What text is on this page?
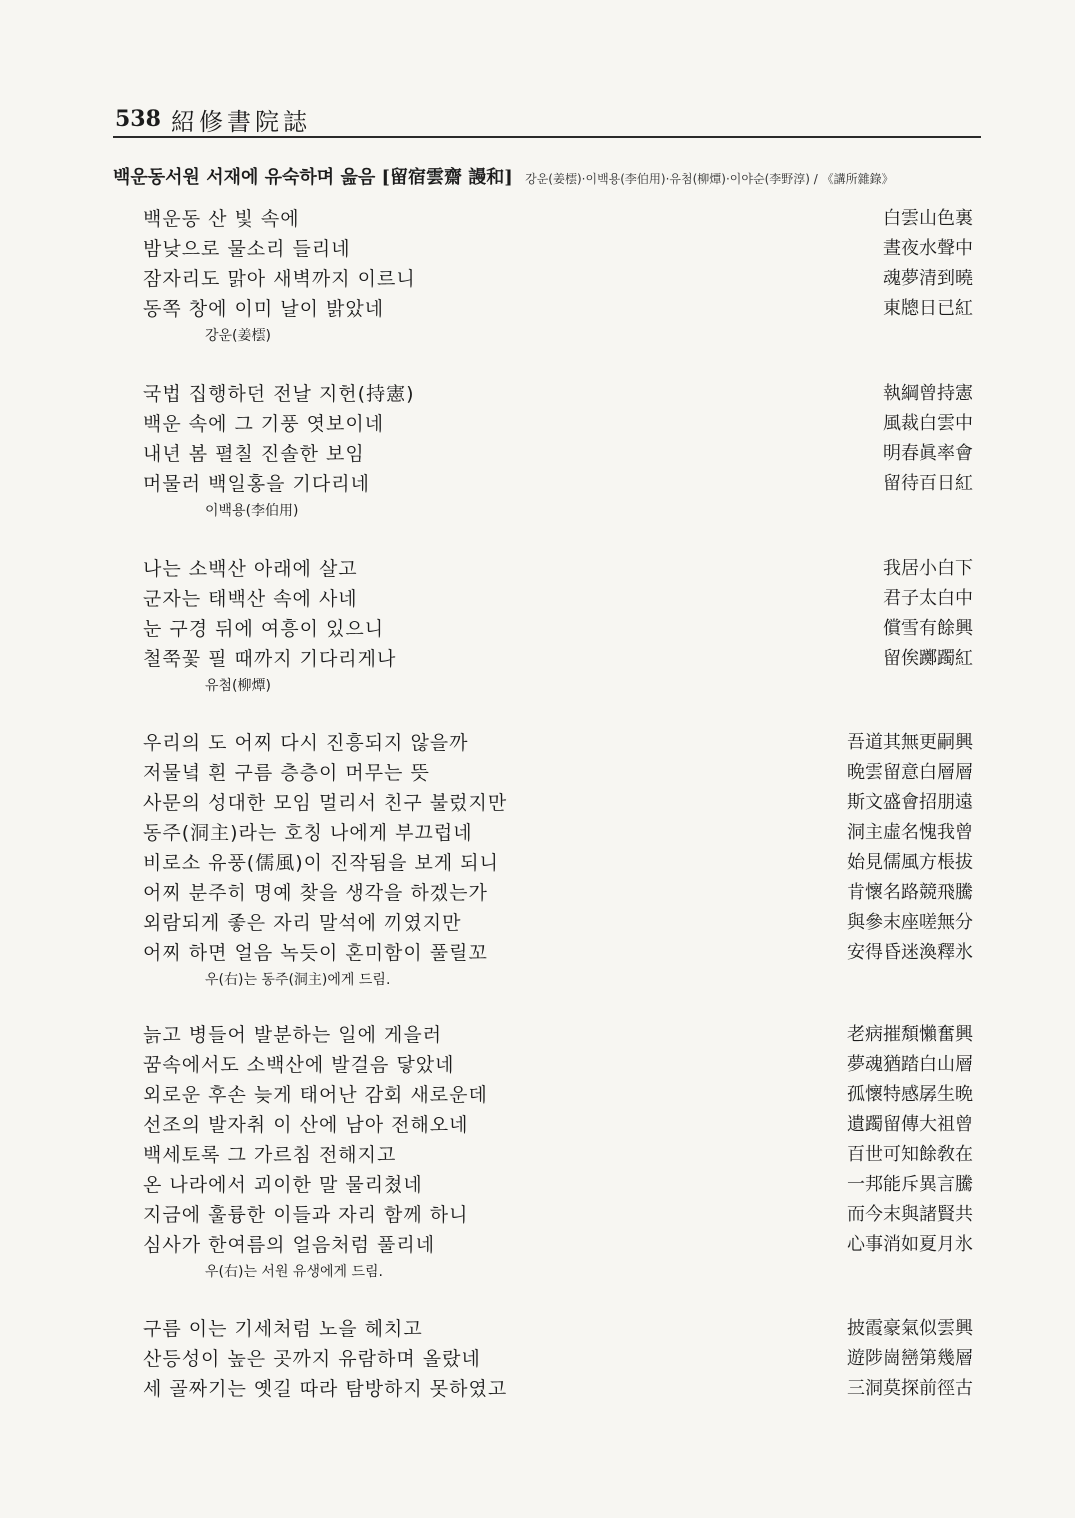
538 紹修書院誌
백운동서원 서재에 유숙하며 읊음 [留宿雲齋 謾和] 강운(姜橒)·이백용(李伯用)·유첨(柳燂)·이야순(李野淳) / 《講所雜錄》
백운동 산 빛 속에	白雲山色裏
밤낮으로 물소리 들리네	晝夜水聲中
잠자리도 맑아 새벽까지 이르니	魂夢清到曉
동쪽 창에 이미 날이 밝았네	東牕日已紅
강운(姜橒)
국법 집행하던 전날 지헌(持憲)	執綱曾持憲
백운 속에 그 기풍 엿보이네	風裁白雲中
내년 봄 펼칠 진솔한 보임	明春眞率會
머물러 백일홍을 기다리네	留待百日紅
이백용(李伯用)
나는 소백산 아래에 살고	我居小白下
군자는 태백산 속에 사네	君子太白中
눈 구경 뒤에 여흥이 있으니	償雪有餘興
철쭉꽃 필 때까지 기다리게나	留俟躑躅紅
유첨(柳燂)
우리의 도 어찌 다시 진흥되지 않을까	吾道其無更嗣興
저물녘 흰 구름 층층이 머무는 뜻	晩雲留意白層層
사문의 성대한 모임 멀리서 친구 불렀지만	斯文盛會招朋遠
동주(洞主)라는 호칭 나에게 부끄럽네	洞主虛名愧我曾
비로소 유풍(儒風)이 진작됨을 보게 되니	始見儒風方棖拔
어찌 분주히 명예 찾을 생각을 하겠는가	肯懷名路競飛騰
외람되게 좋은 자리 말석에 끼였지만	與參末座嗟無分
어찌 하면 얼음 녹듯이 혼미함이 풀릴꼬	安得昏迷渙釋氷
우(右)는 동주(洞主)에게 드림.
늙고 병들어 발분하는 일에 게을러	老病摧頽懶奮興
꿈속에서도 소백산에 발걸음 닿았네	夢魂猶踏白山層
외로운 후손 늦게 태어난 감회 새로운데	孤懷特感孱生晩
선조의 발자취 이 산에 남아 전해오네	遺躅留傳大祖曾
백세토록 그 가르침 전해지고	百世可知餘敎在
온 나라에서 괴이한 말 물리쳤네	一邦能斥異言騰
지금에 훌륭한 이들과 자리 함께 하니	而今末與諸賢共
심사가 한여름의 얼음처럼 풀리네	心事消如夏月氷
우(右)는 서원 유생에게 드림.
구름 이는 기세처럼 노을 헤치고	披霞豪氣似雲興
산등성이 높은 곳까지 유람하며 올랐네	遊陟崗巒第幾層
세 골짜기는 옛길 따라 탐방하지 못하였고	三洞莫探前徑古
